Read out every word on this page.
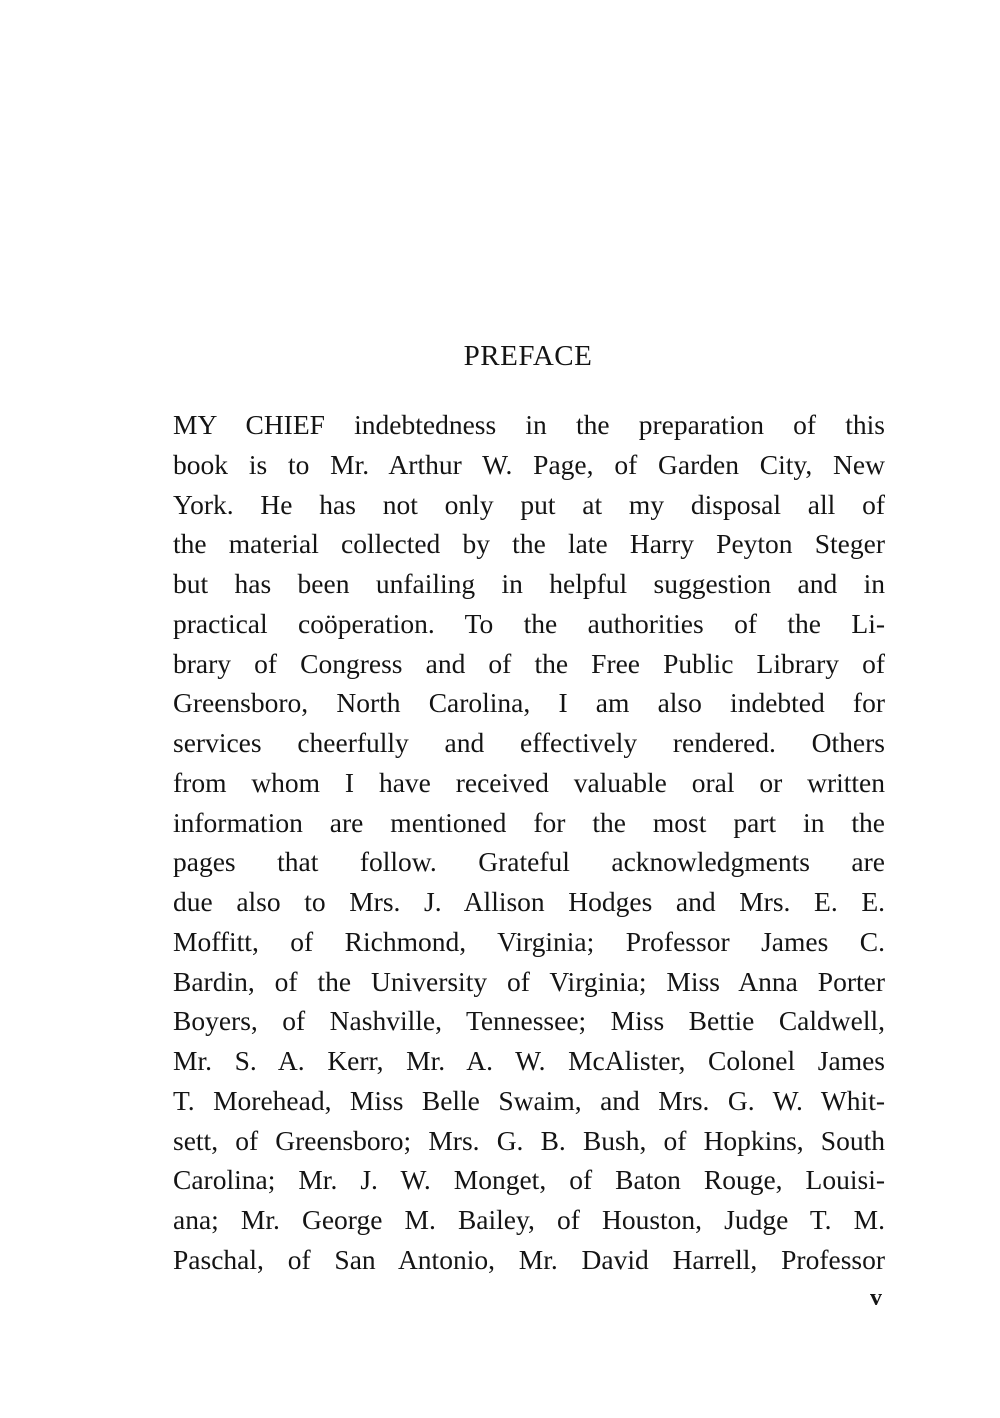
PREFACE
MY CHIEF indebtedness in the preparation of this
book is to Mr. Arthur W. Page, of Garden City, New
York. He has not only put at my disposal all of
the material collected by the late Harry Peyton Steger
but has been unfailing in helpful suggestion and in
practical coöperation. To the authorities of the Li-
brary of Congress and of the Free Public Library of
Greensboro, North Carolina, I am also indebted for
services cheerfully and effectively rendered. Others
from whom I have received valuable oral or written
information are mentioned for the most part in the
pages that follow. Grateful acknowledgments are
due also to Mrs. J. Allison Hodges and Mrs. E. E.
Moffitt, of Richmond, Virginia; Professor James C.
Bardin, of the University of Virginia; Miss Anna Porter
Boyers, of Nashville, Tennessee; Miss Bettie Caldwell,
Mr. S. A. Kerr, Mr. A. W. McAlister, Colonel James
T. Morehead, Miss Belle Swaim, and Mrs. G. W. Whit-
sett, of Greensboro; Mrs. G. B. Bush, of Hopkins, South
Carolina; Mr. J. W. Monget, of Baton Rouge, Louisi-
ana; Mr. George M. Bailey, of Houston, Judge T. M.
Paschal, of San Antonio, Mr. David Harrell, Professor
v
